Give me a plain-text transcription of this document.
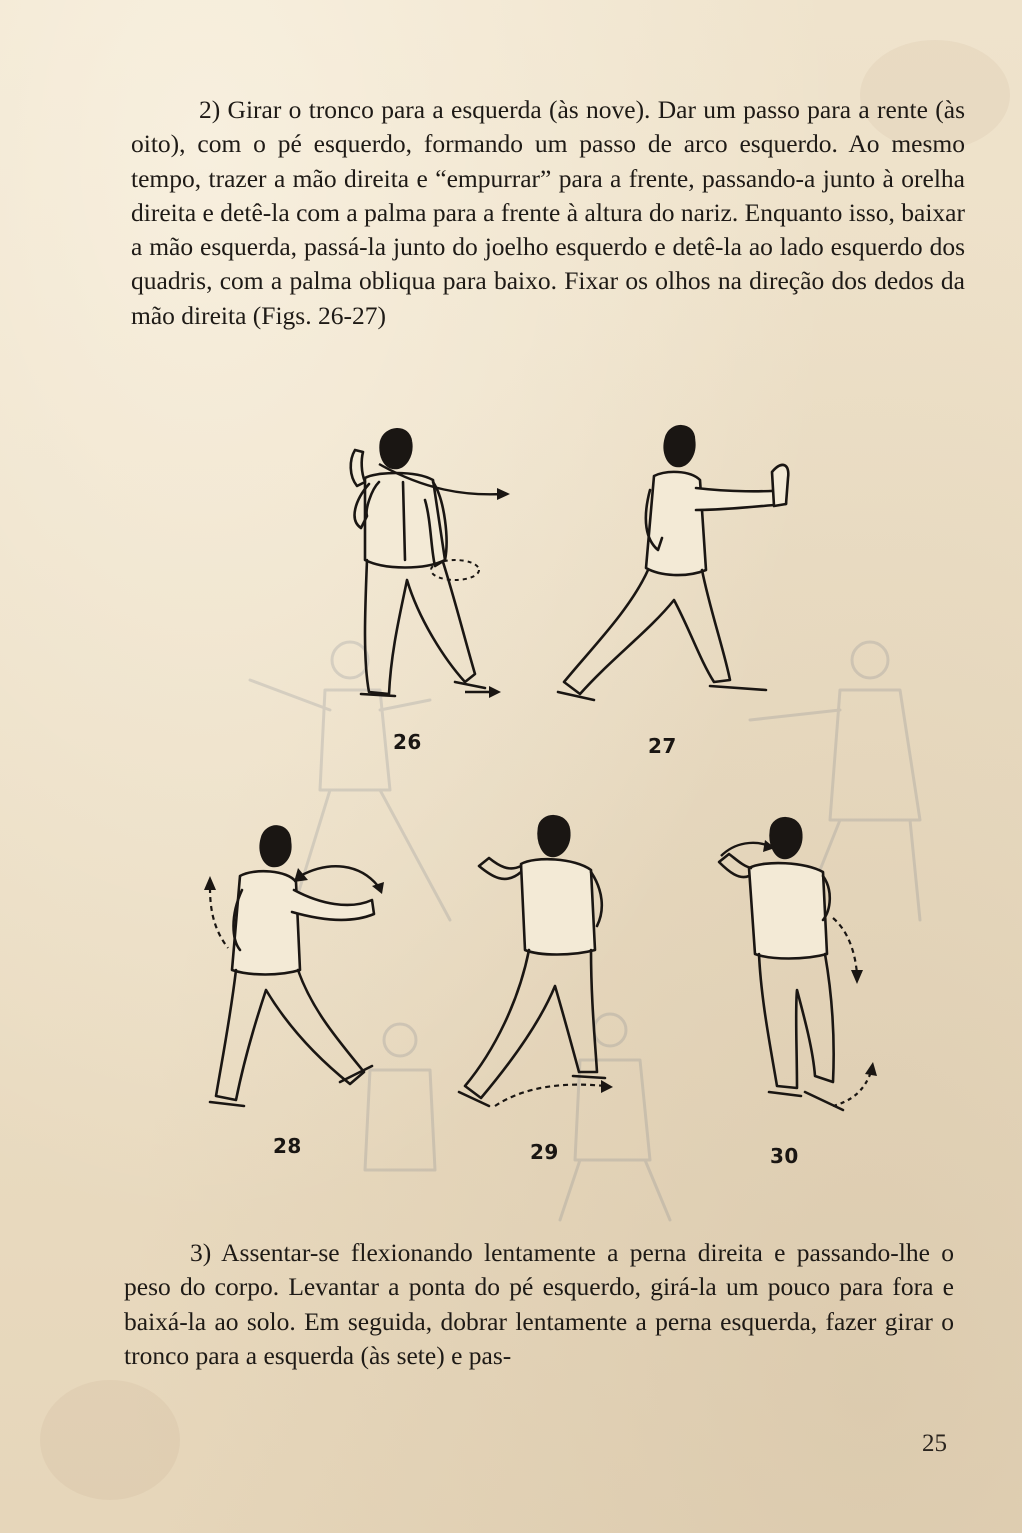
2) Girar o tronco para a esquerda (às nove). Dar um passo para a rente (às oito), com o pé esquerdo, formando um passo de arco esquerdo. Ao mesmo tempo, trazer a mão direita e “empurrar” para a frente, passando-a junto à orelha direita e detê-la com a palma para a frente à altura do nariz. Enquanto isso, baixar a mão esquerda, passá-la junto do joelho esquerdo e detê-la ao lado esquerdo dos quadris, com a palma obliqua para baixo. Fixar os olhos na direção dos dedos da mão direita (Figs. 26-27)

26	27
28	29	30

3) Assentar-se flexionando lentamente a perna direita e passando-lhe o peso do corpo. Levantar a ponta do pé esquerdo, girá-la um pouco para fora e baixá-la ao solo. Em seguida, dobrar lentamente a perna esquerda, fazer girar o tronco para a esquerda (às sete) e pas-

25
